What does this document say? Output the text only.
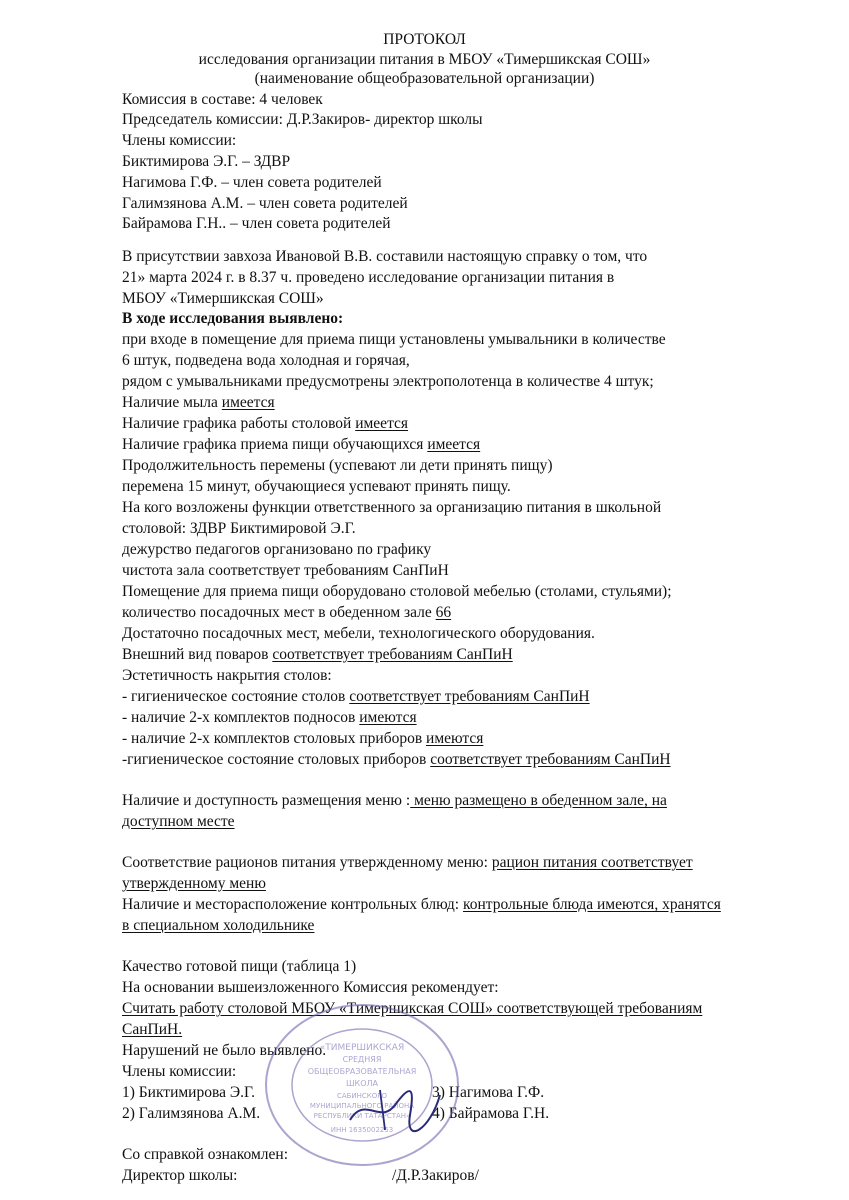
ПРОТОКОЛ
исследования организации питания в МБОУ «Тимершикская СОШ»
(наименование общеобразовательной организации)
Комиссия в составе: 4 человек
Председатель комиссии: Д.Р.Закиров- директор школы
Члены комиссии:
Биктимирова Э.Г. – ЗДВР
Нагимова Г.Ф. – член совета родителей
Галимзянова А.М. – член совета родителей
Байрамова Г.Н.. – член совета родителей
В присутствии завхоза Ивановой В.В. составили настоящую справку о том, что
21» марта 2024 г. в 8.37 ч. проведено исследование организации питания в
МБОУ «Тимершикская СОШ»
В ходе исследования выявлено:
при входе в помещение для приема пищи установлены умывальники в количестве
6 штук, подведена вода холодная и горячая,
рядом с умывальниками предусмотрены электрополотенца в количестве 4 штук;
Наличие мыла имеется
Наличие графика работы столовой имеется
Наличие графика приема пищи обучающихся имеется
Продолжительность перемены (успевают ли дети принять пищу)
перемена 15 минут, обучающиеся успевают принять пищу.
На кого возложены функции ответственного за организацию питания в школьной
столовой: ЗДВР Биктимировой Э.Г.
дежурство педагогов организовано по графику
чистота зала соответствует требованиям СанПиН
Помещение для приема пищи оборудовано столовой мебелью (столами, стульями);
количество посадочных мест в обеденном зале 66
Достаточно посадочных мест, мебели, технологического оборудования.
Внешний вид поваров соответствует требованиям СанПиН
Эстетичность накрытия столов:
- гигиеническое состояние столов соответствует требованиям СанПиН
- наличие 2-х комплектов подносов имеются
- наличие 2-х комплектов столовых приборов имеются
-гигиеническое состояние столовых приборов соответствует требованиям СанПиН
Наличие и доступность размещения меню : меню размещено в обеденном зале, на
доступном месте
Соответствие рационов питания утвержденному меню: рацион питания соответствует
утвержденному меню
Наличие и месторасположение контрольных блюд: контрольные блюда имеются, хранятся
в специальном холодильнике
Качество готовой пищи (таблица 1)
На основании вышеизложенного Комиссия рекомендует:
Считать работу столовой МБОУ «Тимершикская СОШ» соответствующей требованиям
СанПиН.
Нарушений не было выявлено.
Члены комиссии:
1) Биктимирова Э.Г.	3) Нагимова Г.Ф.
2) Галимзянова А.М.	4) Байрамова Г.Н.
Со справкой ознакомлен:
Директор школы:	/Д.Р.Закиров/
«ТИМЕРШИКСКАЯ
СРЕДНЯЯ
ОБЩЕОБРАЗОВАТЕЛЬНАЯ
ШКОЛА
САБИНСКОГО
МУНИЦИПАЛЬНОГО РАЙОНА
РЕСПУБЛИКИ ТАТАРСТАН»
ИНН 1635002253
